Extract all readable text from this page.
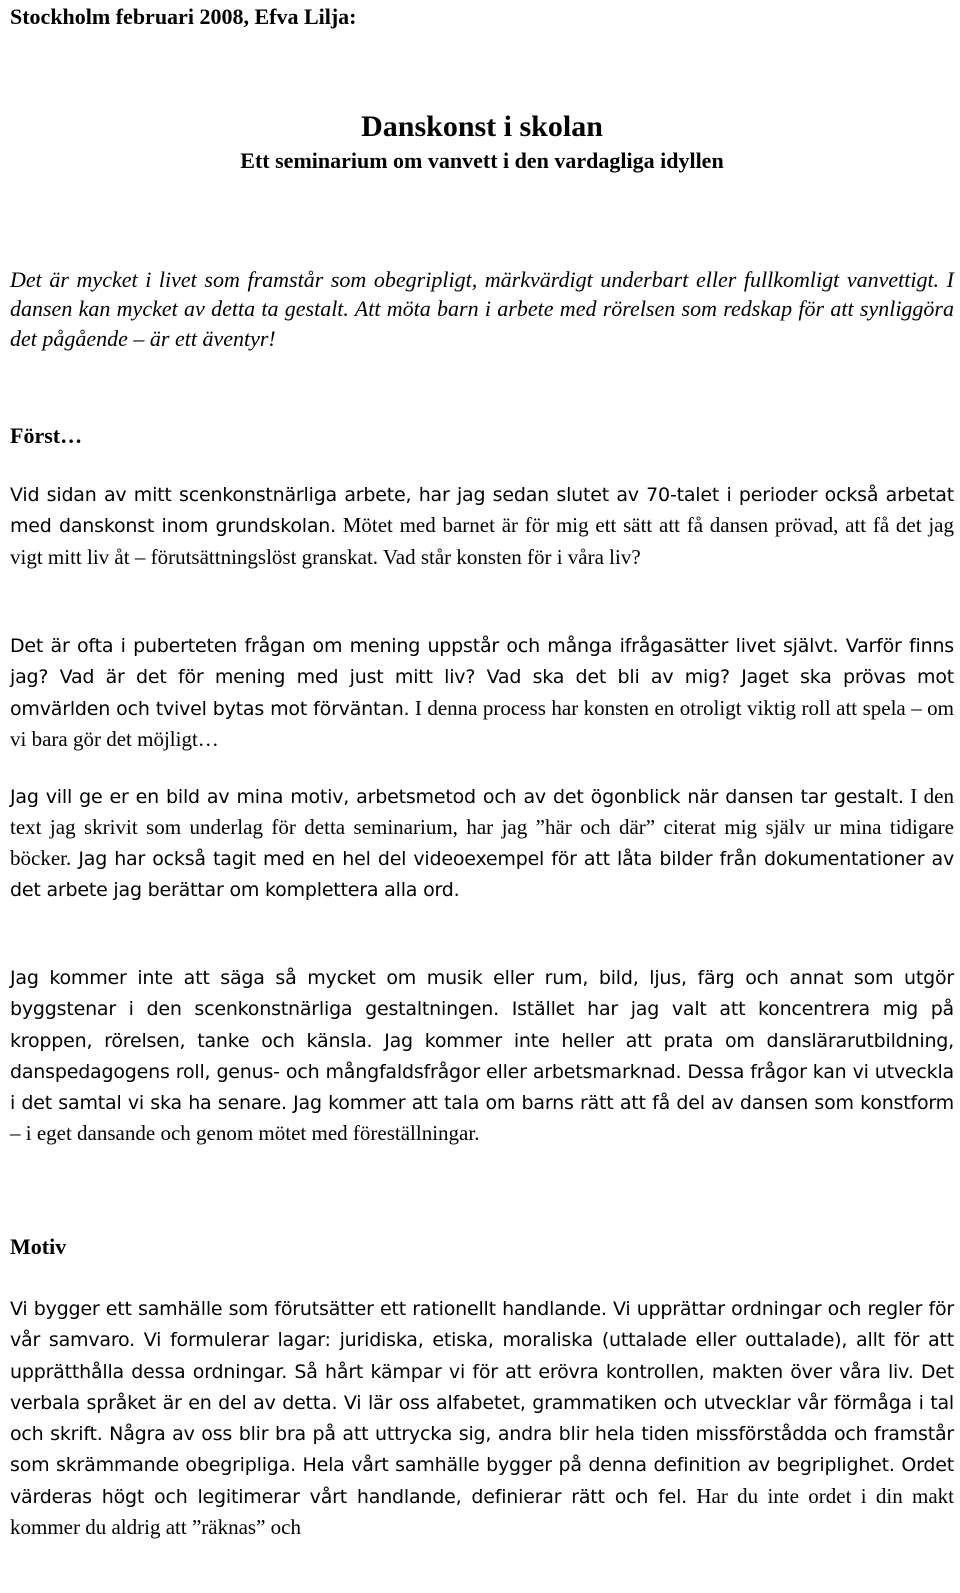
Stockholm februari 2008, Efva Lilja:
Danskonst i skolan
Ett seminarium om vanvett i den vardagliga idyllen

Det är mycket i livet som framstår som obegripligt, märkvärdigt underbart eller fullkomligt vanvettigt. I dansen kan mycket av detta ta gestalt. Att möta barn i arbete med rörelsen som redskap för att synliggöra det pågående – är ett äventyr!

Först…

Vid sidan av mitt scenkonstnärliga arbete, har jag sedan slutet av 70-talet i perioder också arbetat med danskonst inom grundskolan. Mötet med barnet är för mig ett sätt att få dansen prövad, att få det jag vigt mitt liv åt – förutsättningslöst granskat. Vad står konsten för i våra liv?

Det är ofta i puberteten frågan om mening uppstår och många ifrågasätter livet självt. Varför finns jag? Vad är det för mening med just mitt liv? Vad ska det bli av mig? Jaget ska prövas mot omvärlden och tvivel bytas mot förväntan. I denna process har konsten en otroligt viktig roll att spela – om vi bara gör det möjligt…

Jag vill ge er en bild av mina motiv, arbetsmetod och av det ögonblick när dansen tar gestalt. I den text jag skrivit som underlag för detta seminarium, har jag ”här och där” citerat mig själv ur mina tidigare böcker. Jag har också tagit med en hel del videoexempel för att låta bilder från dokumentationer av det arbete jag berättar om komplettera alla ord.

Jag kommer inte att säga så mycket om musik eller rum, bild, ljus, färg och annat som utgör byggstenar i den scenkonstnärliga gestaltningen. Istället har jag valt att koncentrera mig på kroppen, rörelsen, tanke och känsla. Jag kommer inte heller att prata om danslärarutbildning, danspedagogens roll, genus- och mångfaldsfrågor eller arbetsmarknad. Dessa frågor kan vi utveckla i det samtal vi ska ha senare. Jag kommer att tala om barns rätt att få del av dansen som konstform – i eget dansande och genom mötet med föreställningar.

Motiv

Vi bygger ett samhälle som förutsätter ett rationellt handlande. Vi upprättar ordningar och regler för vår samvaro. Vi formulerar lagar: juridiska, etiska, moraliska (uttalade eller outtalade), allt för att upprätthålla dessa ordningar. Så hårt kämpar vi för att erövra kontrollen, makten över våra liv. Det verbala språket är en del av detta. Vi lär oss alfabetet, grammatiken och utvecklar vår förmåga i tal och skrift. Några av oss blir bra på att uttrycka sig, andra blir hela tiden missförstådda och framstår som skrämmande obegripliga. Hela vårt samhälle bygger på denna definition av begriplighet. Ordet värderas högt och legitimerar vårt handlande, definierar rätt och fel. Har du inte ordet i din makt kommer du aldrig att ”räknas” och
